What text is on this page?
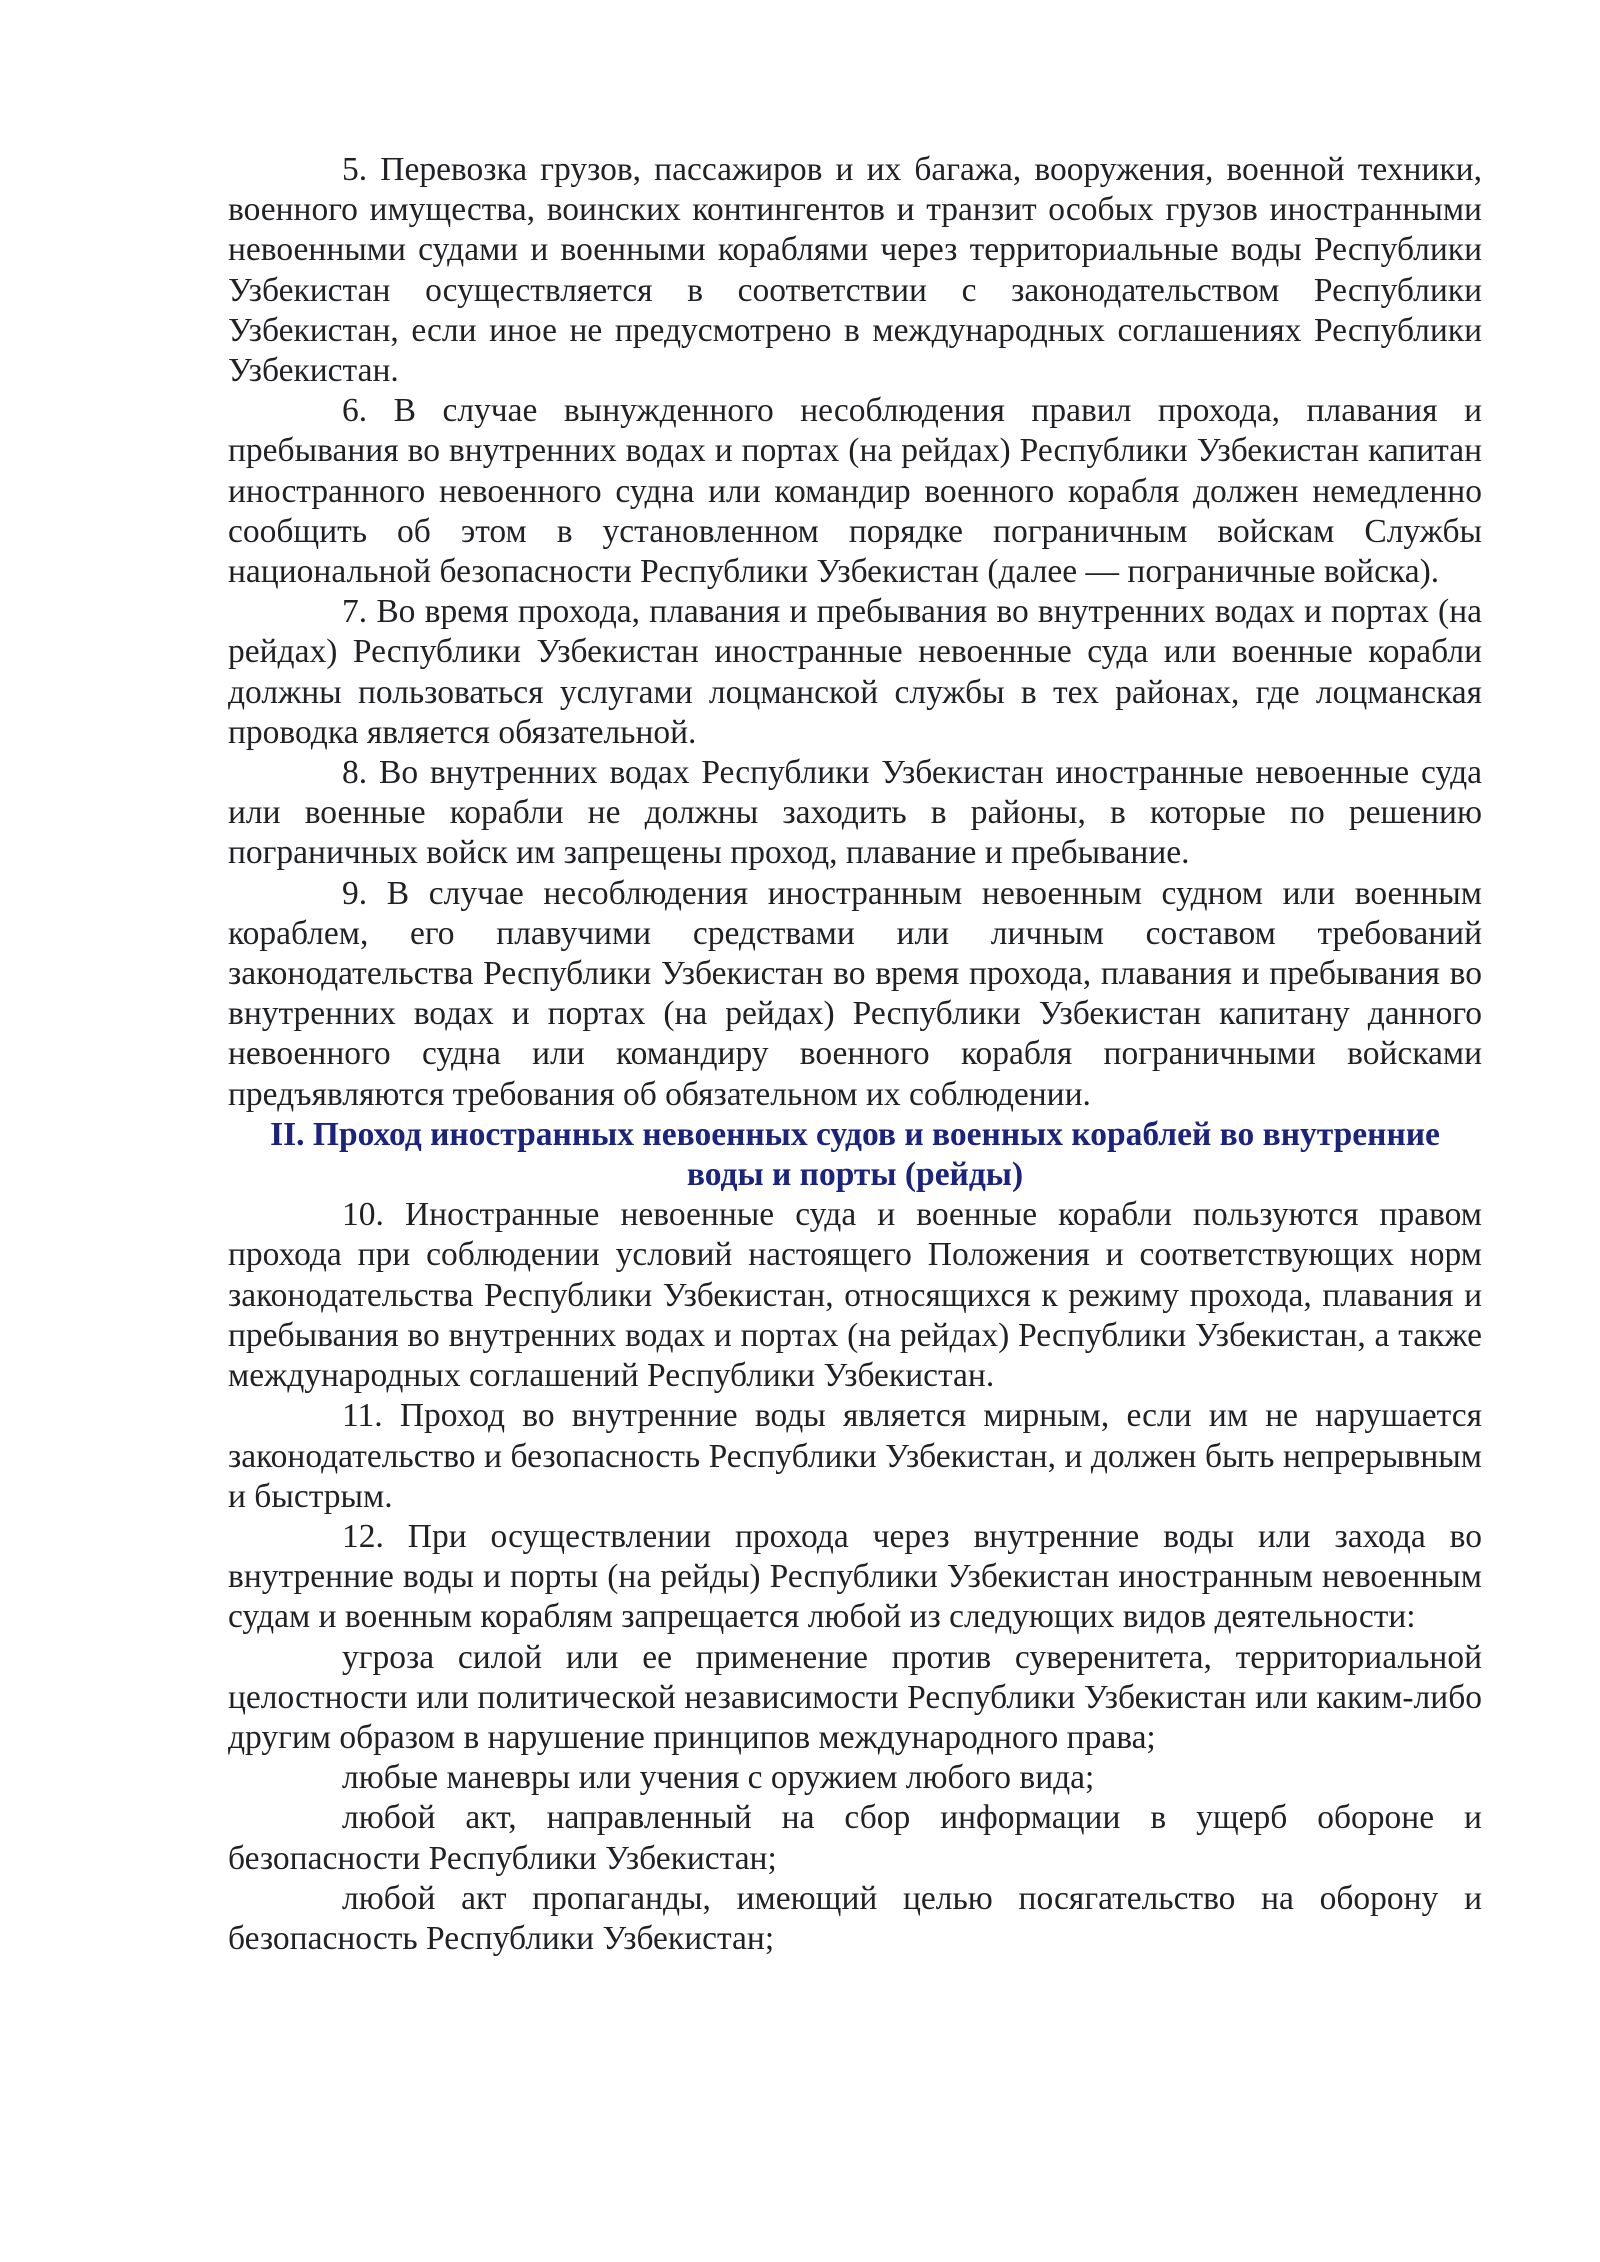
5. Перевозка грузов, пассажиров и их багажа, вооружения, военной техники, военного имущества, воинских контингентов и транзит особых грузов иностранными невоенными судами и военными кораблями через территориальные воды Республики Узбекистан осуществляется в соответствии с законодательством Республики Узбекистан, если иное не предусмотрено в международных соглашениях Республики Узбекистан.

6. В случае вынужденного несоблюдения правил прохода, плавания и пребывания во внутренних водах и портах (на рейдах) Республики Узбекистан капитан иностранного невоенного судна или командир военного корабля должен немедленно сообщить об этом в установленном порядке пограничным войскам Службы национальной безопасности Республики Узбекистан (далее — пограничные войска).

7. Во время прохода, плавания и пребывания во внутренних водах и портах (на рейдах) Республики Узбекистан иностранные невоенные суда или военные корабли должны пользоваться услугами лоцманской службы в тех районах, где лоцманская проводка является обязательной.

8. Во внутренних водах Республики Узбекистан иностранные невоенные суда или военные корабли не должны заходить в районы, в которые по решению пограничных войск им запрещены проход, плавание и пребывание.

9. В случае несоблюдения иностранным невоенным судном или военным кораблем, его плавучими средствами или личным составом требований законодательства Республики Узбекистан во время прохода, плавания и пребывания во внутренних водах и портах (на рейдах) Республики Узбекистан капитану данного невоенного судна или командиру военного корабля пограничными войсками предъявляются требования об обязательном их соблюдении.

II. Проход иностранных невоенных судов и военных кораблей во внутренние
воды и порты (рейды)

10. Иностранные невоенные суда и военные корабли пользуются правом прохода при соблюдении условий настоящего Положения и соответствующих норм законодательства Республики Узбекистан, относящихся к режиму прохода, плавания и пребывания во внутренних водах и портах (на рейдах) Республики Узбекистан, а также международных соглашений Республики Узбекистан.

11. Проход во внутренние воды является мирным, если им не нарушается законодательство и безопасность Республики Узбекистан, и должен быть непрерывным и быстрым.

12. При осуществлении прохода через внутренние воды или захода во внутренние воды и порты (на рейды) Республики Узбекистан иностранным невоенным судам и военным кораблям запрещается любой из следующих видов деятельности:

угроза силой или ее применение против суверенитета, территориальной целостности или политической независимости Республики Узбекистан или каким-либо другим образом в нарушение принципов международного права;

любые маневры или учения с оружием любого вида;

любой акт, направленный на сбор информации в ущерб обороне и безопасности Республики Узбекистан;

любой акт пропаганды, имеющий целью посягательство на оборону и безопасность Республики Узбекистан;
